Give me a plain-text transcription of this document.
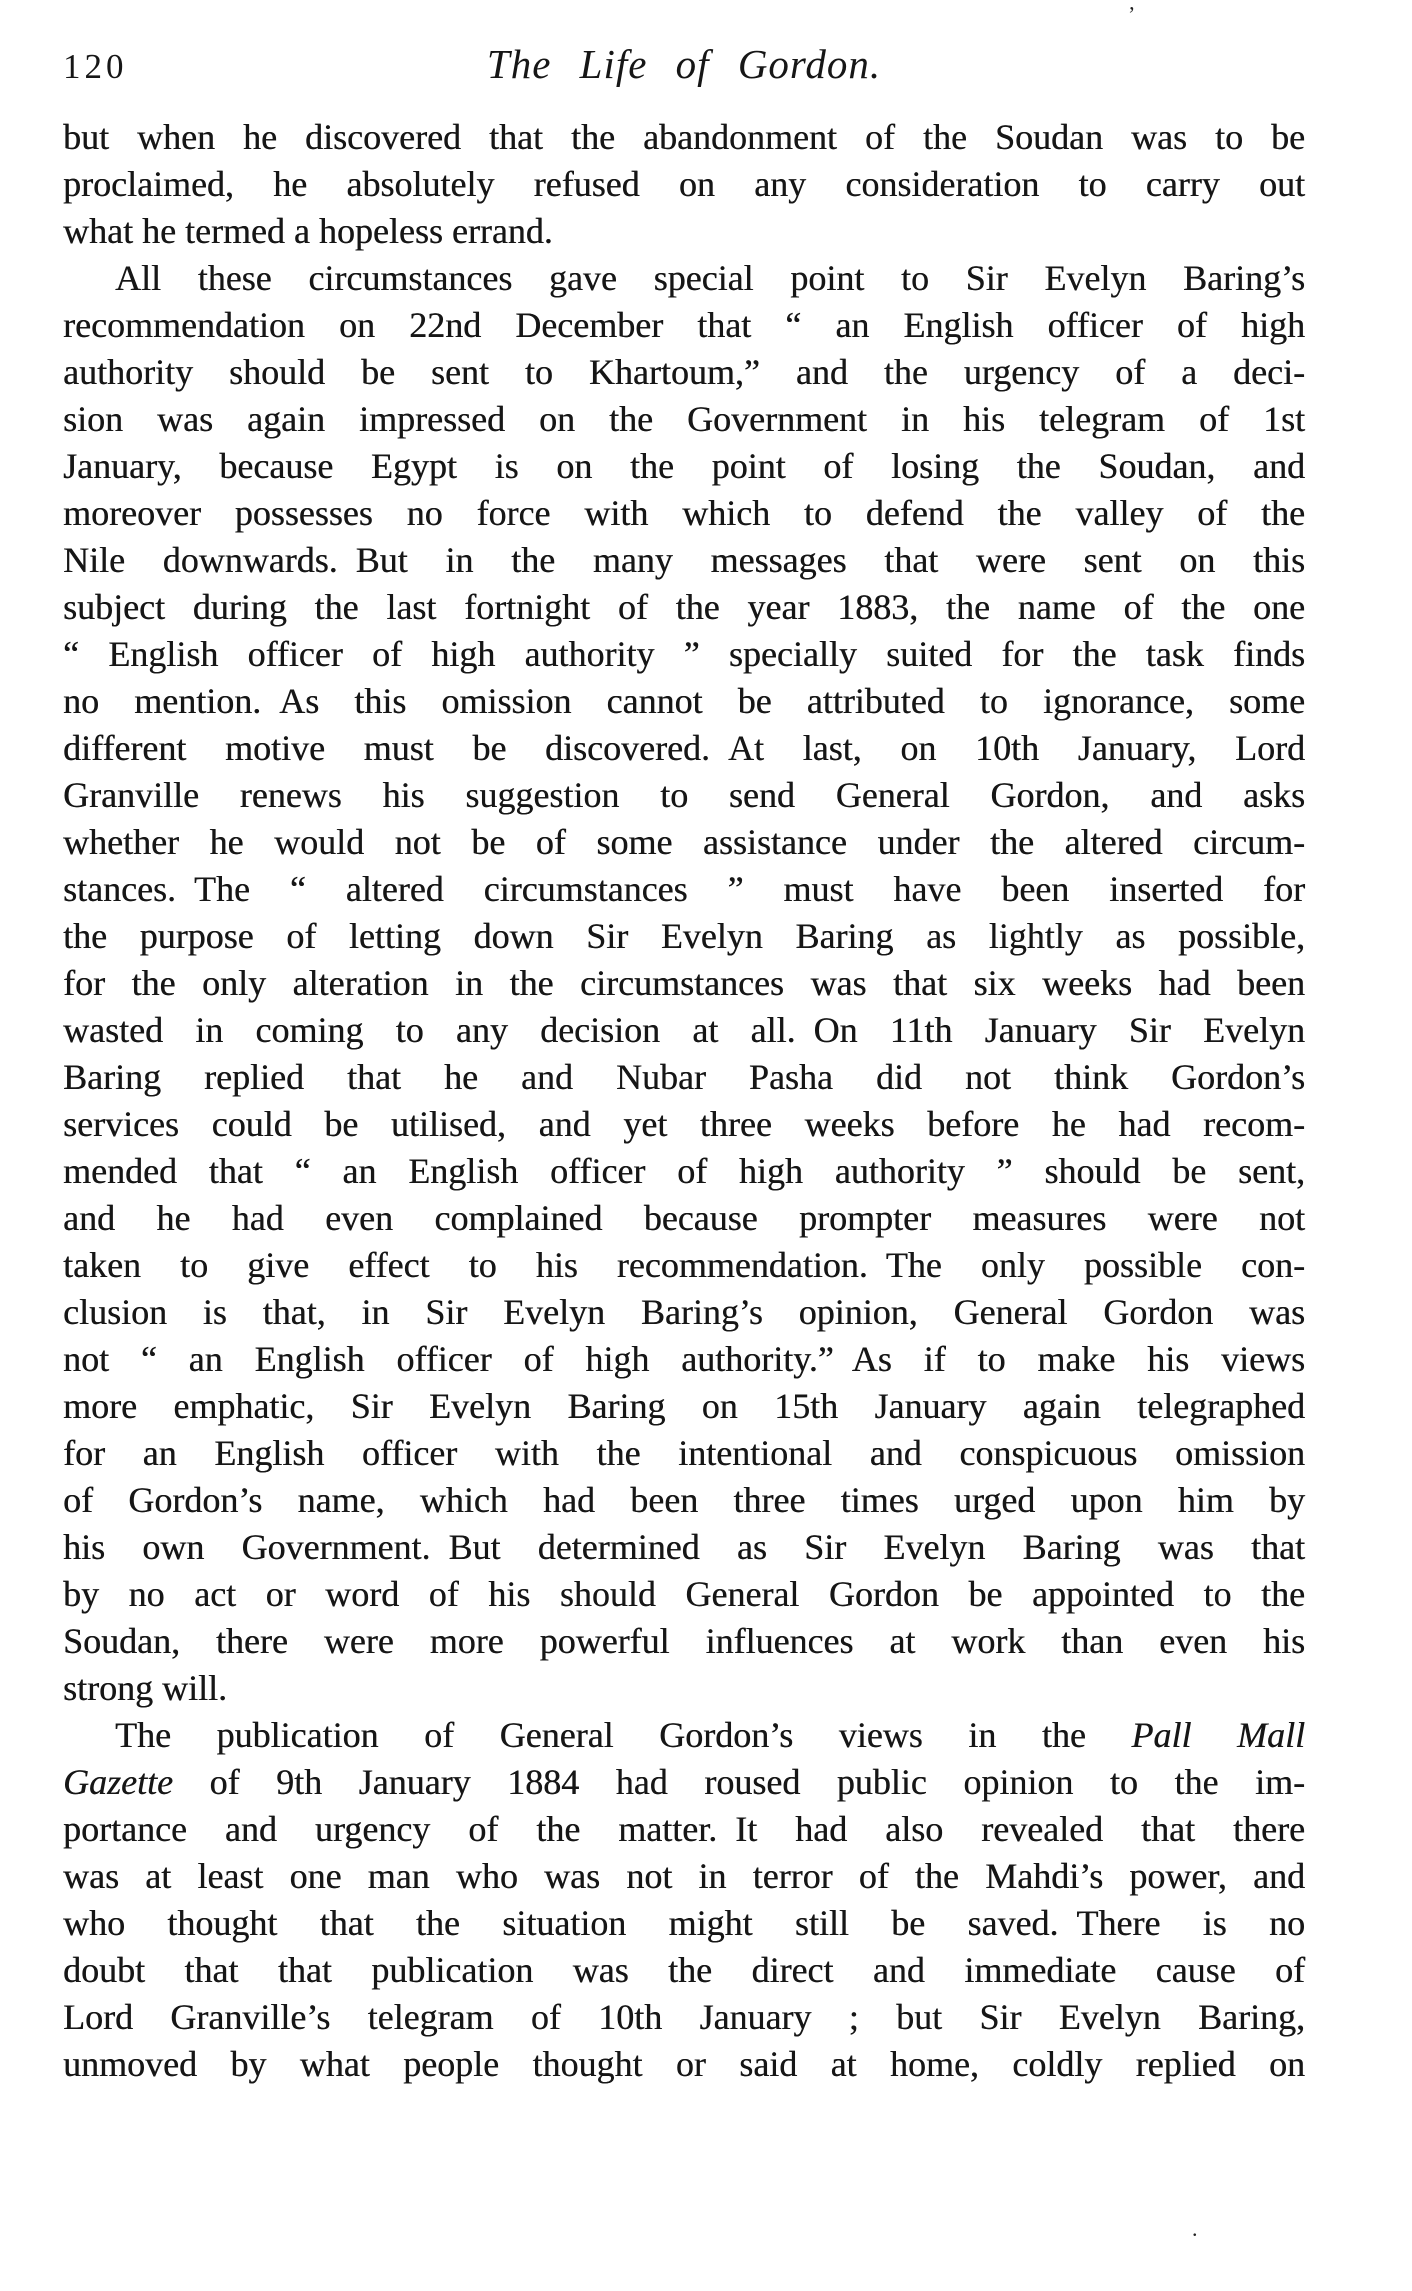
120	The Life of Gordon.
but when he discovered that the abandonment of the Soudan was to be
proclaimed, he absolutely refused on any consideration to carry out
what he termed a hopeless errand.
All these circumstances gave special point to Sir Evelyn Baring’s
recommendation on 22nd December that “ an English officer of high
authority should be sent to Khartoum,” and the urgency of a deci-
sion was again impressed on the Government in his telegram of 1st
January, because Egypt is on the point of losing the Soudan, and
moreover possesses no force with which to defend the valley of the
Nile downwards. But in the many messages that were sent on this
subject during the last fortnight of the year 1883, the name of the one
“ English officer of high authority ” specially suited for the task finds
no mention. As this omission cannot be attributed to ignorance, some
different motive must be discovered. At last, on 10th January, Lord
Granville renews his suggestion to send General Gordon, and asks
whether he would not be of some assistance under the altered circum-
stances. The “ altered circumstances ” must have been inserted for
the purpose of letting down Sir Evelyn Baring as lightly as possible,
for the only alteration in the circumstances was that six weeks had been
wasted in coming to any decision at all. On 11th January Sir Evelyn
Baring replied that he and Nubar Pasha did not think Gordon’s
services could be utilised, and yet three weeks before he had recom-
mended that “ an English officer of high authority ” should be sent,
and he had even complained because prompter measures were not
taken to give effect to his recommendation. The only possible con-
clusion is that, in Sir Evelyn Baring’s opinion, General Gordon was
not “ an English officer of high authority.” As if to make his views
more emphatic, Sir Evelyn Baring on 15th January again telegraphed
for an English officer with the intentional and conspicuous omission
of Gordon’s name, which had been three times urged upon him by
his own Government. But determined as Sir Evelyn Baring was that
by no act or word of his should General Gordon be appointed to the
Soudan, there were more powerful influences at work than even his
strong will.
The publication of General Gordon’s views in the Pall Mall
Gazette of 9th January 1884 had roused public opinion to the im-
portance and urgency of the matter. It had also revealed that there
was at least one man who was not in terror of the Mahdi’s power, and
who thought that the situation might still be saved. There is no
doubt that that publication was the direct and immediate cause of
Lord Granville’s telegram of 10th January ; but Sir Evelyn Baring,
unmoved by what people thought or said at home, coldly replied on
ʼ
.
